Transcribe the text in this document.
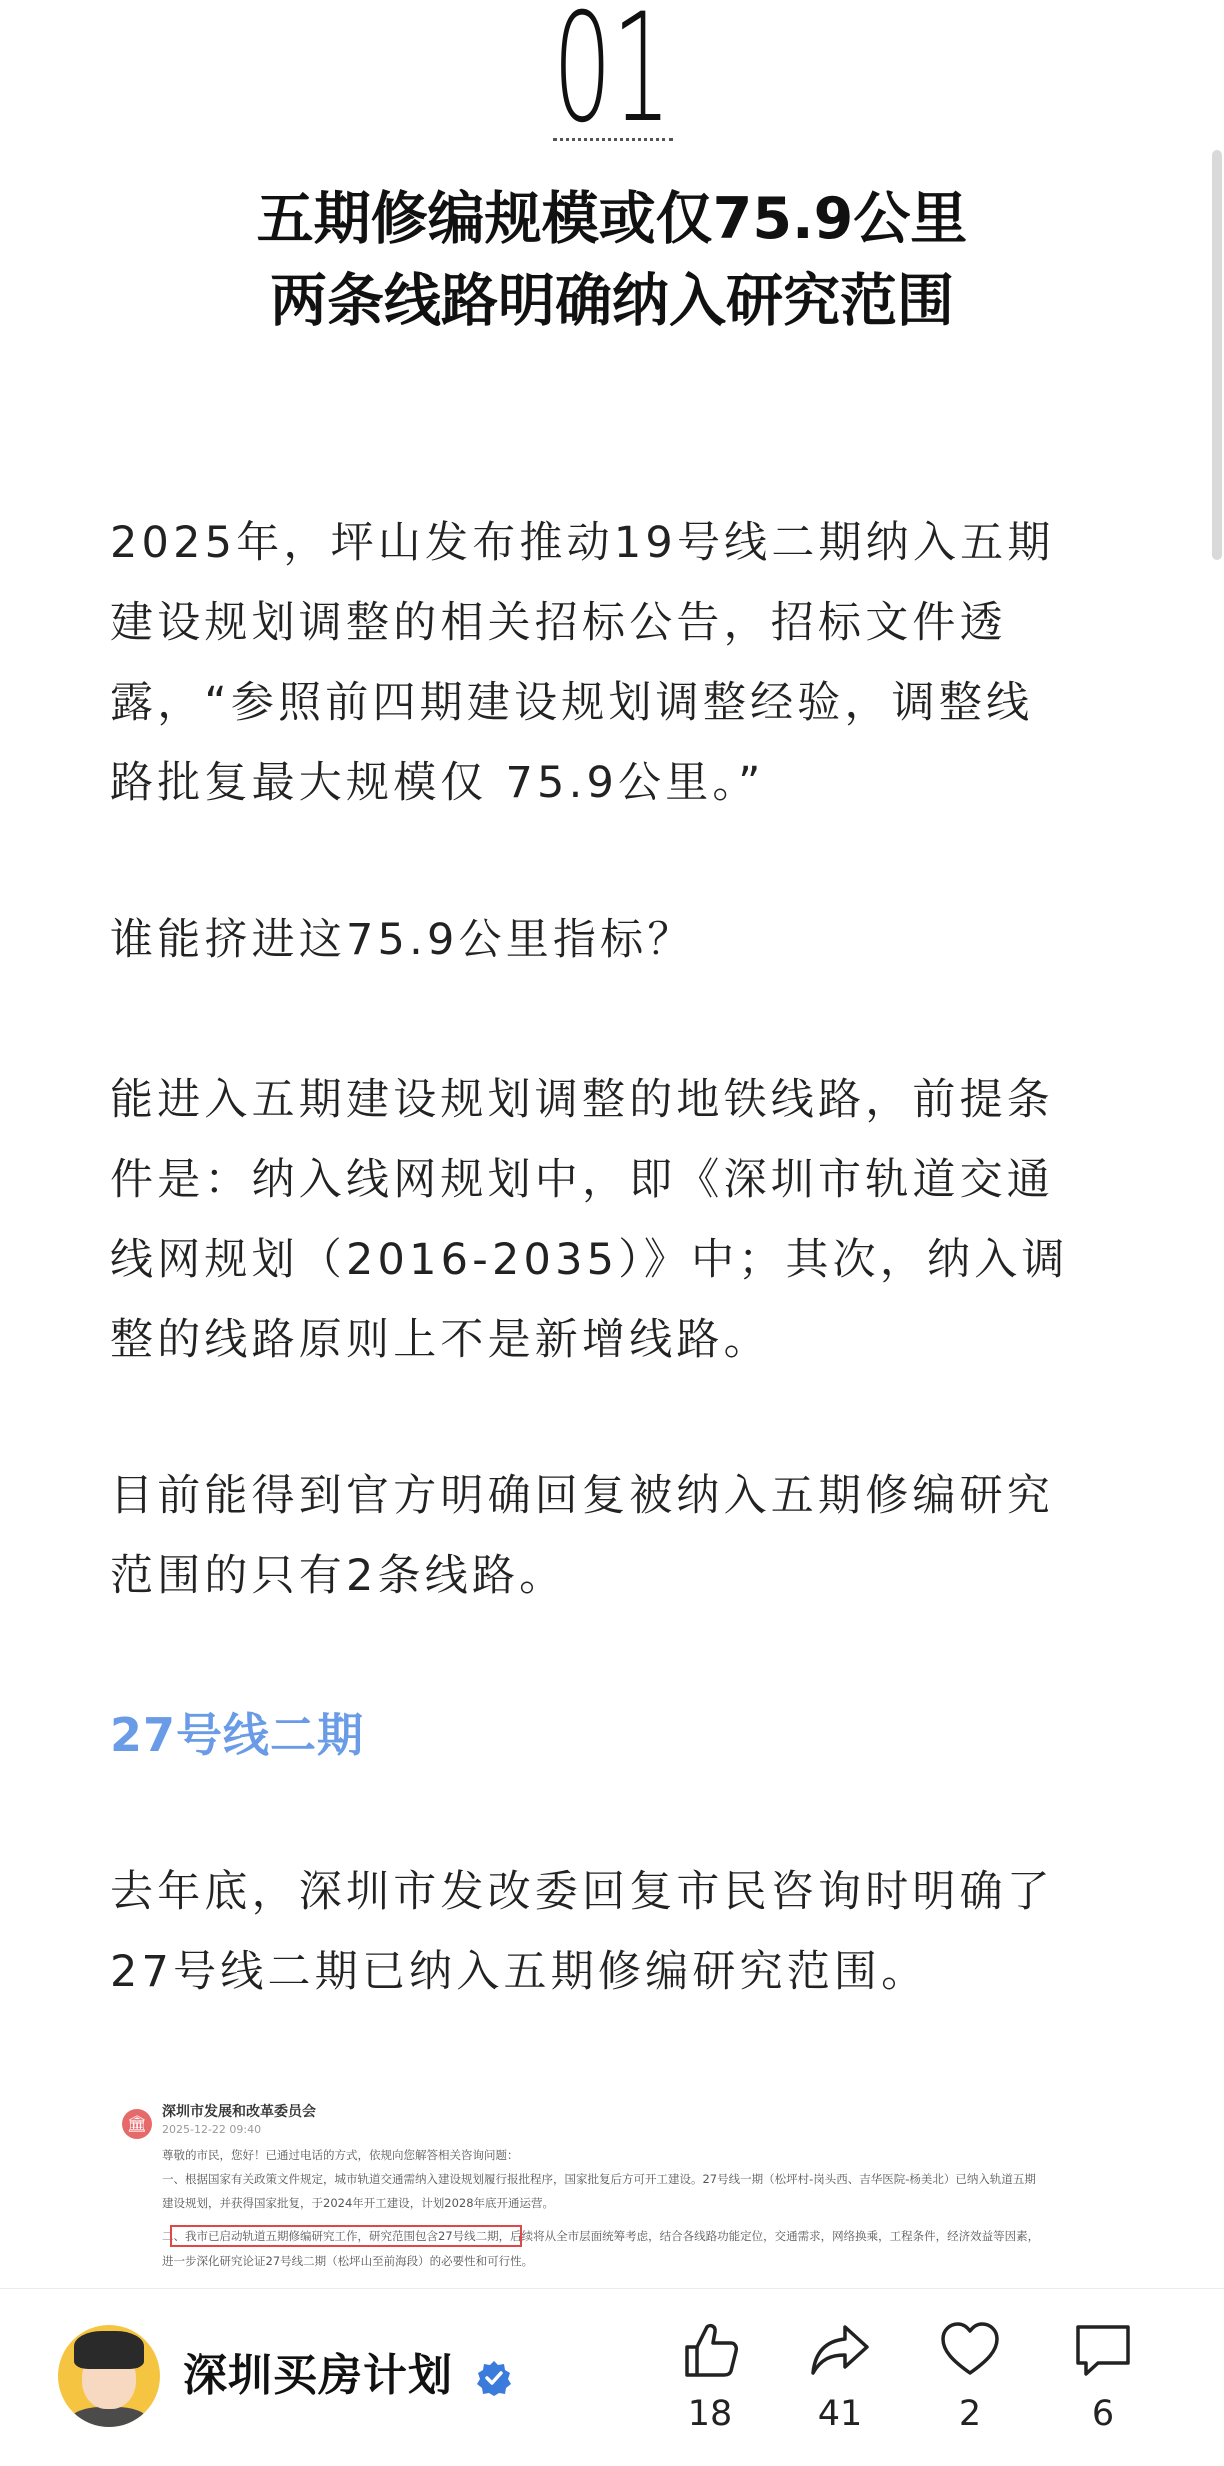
01
五期修编规模或仅75.9公里
两条线路明确纳入研究范围
2025年，坪山发布推动19号线二期纳入五期
建设规划调整的相关招标公告，招标文件透
露，“参照前四期建设规划调整经验，调整线
路批复最大规模仅 75.9公里。”
谁能挤进这75.9公里指标？
能进入五期建设规划调整的地铁线路，前提条
件是：纳入线网规划中，即《深圳市轨道交通
线网规划（2016-2035）》中；其次，纳入调
整的线路原则上不是新增线路。
目前能得到官方明确回复被纳入五期修编研究
范围的只有2条线路。
27号线二期
去年底，深圳市发改委回复市民咨询时明确了
27号线二期已纳入五期修编研究范围。
🏛
深圳市发展和改革委员会
2025-12-22 09:40
尊敬的市民，您好！已通过电话的方式，依规向您解答相关咨询问题：
一、根据国家有关政策文件规定，城市轨道交通需纳入建设规划履行报批程序，国家批复后方可开工建设。27号线一期（松坪村-岗头西、吉华医院-杨美北）已纳入轨道五期
建设规划，并获得国家批复，于2024年开工建设，计划2028年底开通运营。
二、我市已启动轨道五期修编研究工作，研究范围包含27号线二期，后续将从全市层面统筹考虑，结合各线路功能定位，交通需求，网络换乘，工程条件，经济效益等因素，
进一步深化研究论证27号线二期（松坪山至前海段）的必要性和可行性。
深圳买房计划
18	41	2	6
